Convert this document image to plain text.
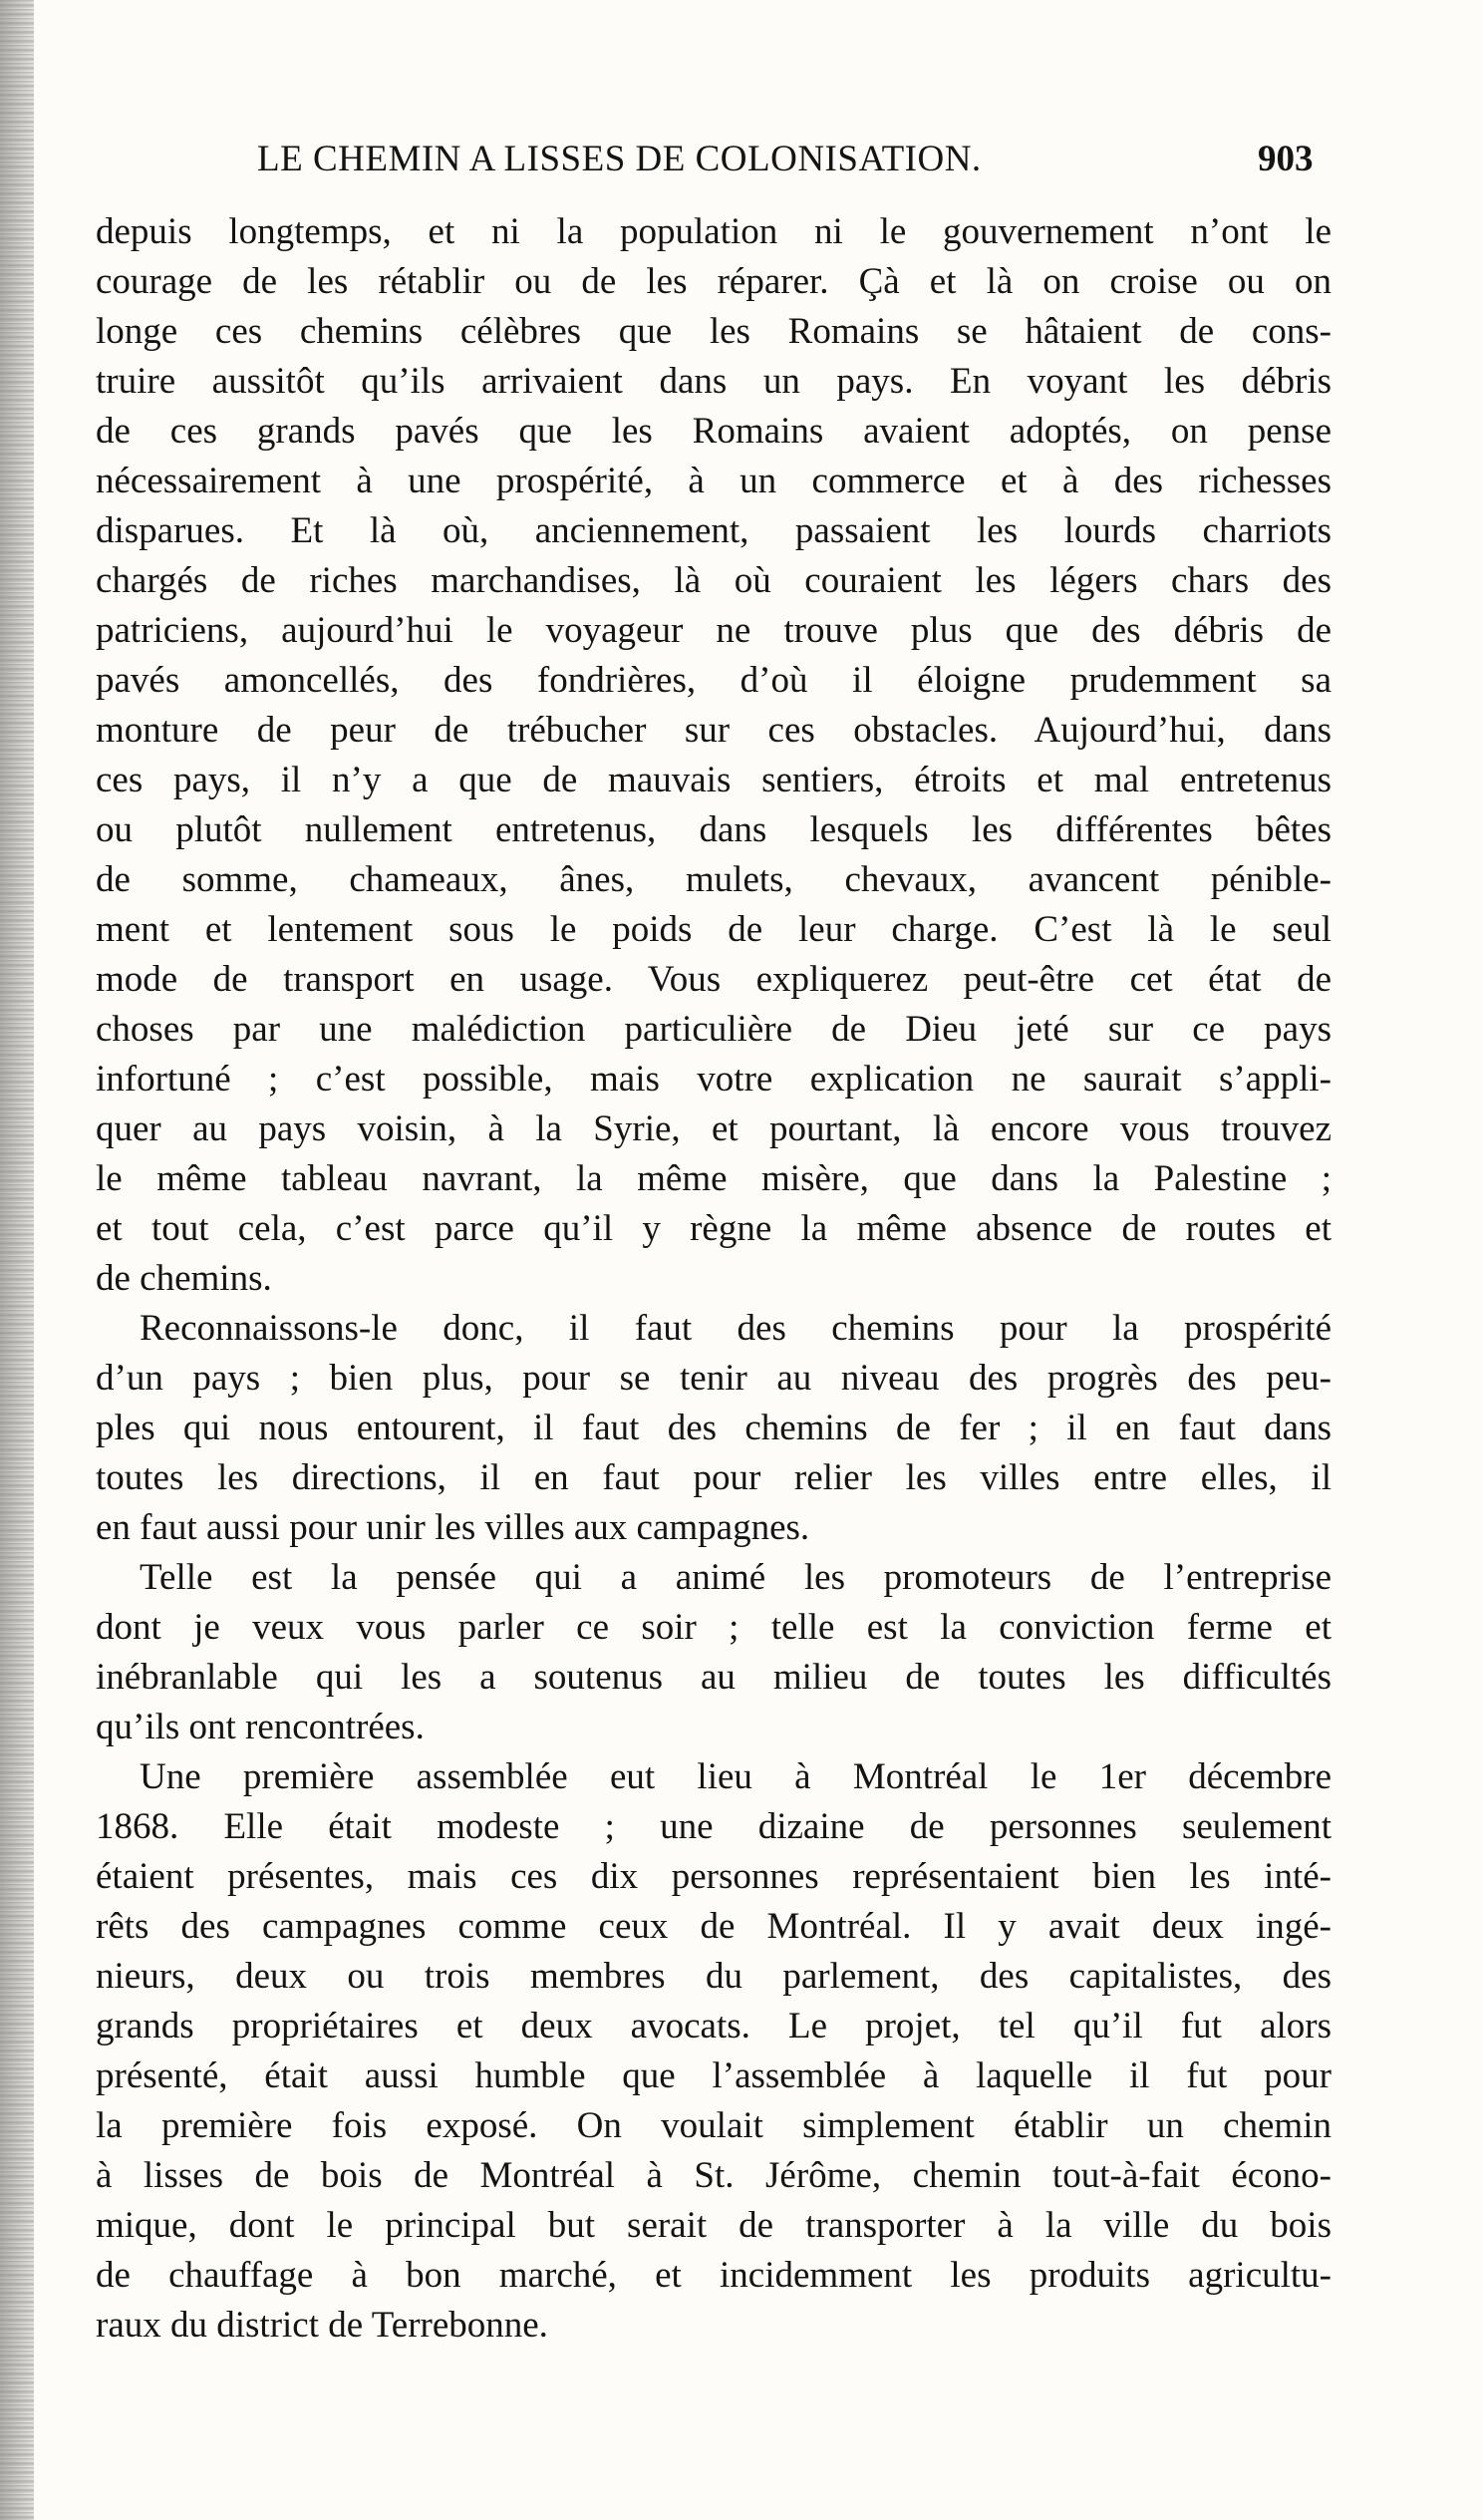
LE CHEMIN A LISSES DE COLONISATION.	903
depuis longtemps, et ni la population ni le gouvernement n’ont le
courage de les rétablir ou de les réparer. Çà et là on croise ou on
longe ces chemins célèbres que les Romains se hâtaient de cons-
truire aussitôt qu’ils arrivaient dans un pays. En voyant les débris
de ces grands pavés que les Romains avaient adoptés, on pense
nécessairement à une prospérité, à un commerce et à des richesses
disparues. Et là où, anciennement, passaient les lourds charriots
chargés de riches marchandises, là où couraient les légers chars des
patriciens, aujourd’hui le voyageur ne trouve plus que des débris de
pavés amoncellés, des fondrières, d’où il éloigne prudemment sa
monture de peur de trébucher sur ces obstacles. Aujourd’hui, dans
ces pays, il n’y a que de mauvais sentiers, étroits et mal entretenus
ou plutôt nullement entretenus, dans lesquels les différentes bêtes
de somme, chameaux, ânes, mulets, chevaux, avancent pénible-
ment et lentement sous le poids de leur charge. C’est là le seul
mode de transport en usage. Vous expliquerez peut-être cet état de
choses par une malédiction particulière de Dieu jeté sur ce pays
infortuné ; c’est possible, mais votre explication ne saurait s’appli-
quer au pays voisin, à la Syrie, et pourtant, là encore vous trouvez
le même tableau navrant, la même misère, que dans la Palestine ;
et tout cela, c’est parce qu’il y règne la même absence de routes et
de chemins.
Reconnaissons-le donc, il faut des chemins pour la prospérité
d’un pays ; bien plus, pour se tenir au niveau des progrès des peu-
ples qui nous entourent, il faut des chemins de fer ; il en faut dans
toutes les directions, il en faut pour relier les villes entre elles, il
en faut aussi pour unir les villes aux campagnes.
Telle est la pensée qui a animé les promoteurs de l’entreprise
dont je veux vous parler ce soir ; telle est la conviction ferme et
inébranlable qui les a soutenus au milieu de toutes les difficultés
qu’ils ont rencontrées.
Une première assemblée eut lieu à Montréal le 1er décembre
1868. Elle était modeste ; une dizaine de personnes seulement
étaient présentes, mais ces dix personnes représentaient bien les inté-
rêts des campagnes comme ceux de Montréal. Il y avait deux ingé-
nieurs, deux ou trois membres du parlement, des capitalistes, des
grands propriétaires et deux avocats. Le projet, tel qu’il fut alors
présenté, était aussi humble que l’assemblée à laquelle il fut pour
la première fois exposé. On voulait simplement établir un chemin
à lisses de bois de Montréal à St. Jérôme, chemin tout-à-fait écono-
mique, dont le principal but serait de transporter à la ville du bois
de chauffage à bon marché, et incidemment les produits agricultu-
raux du district de Terrebonne.
